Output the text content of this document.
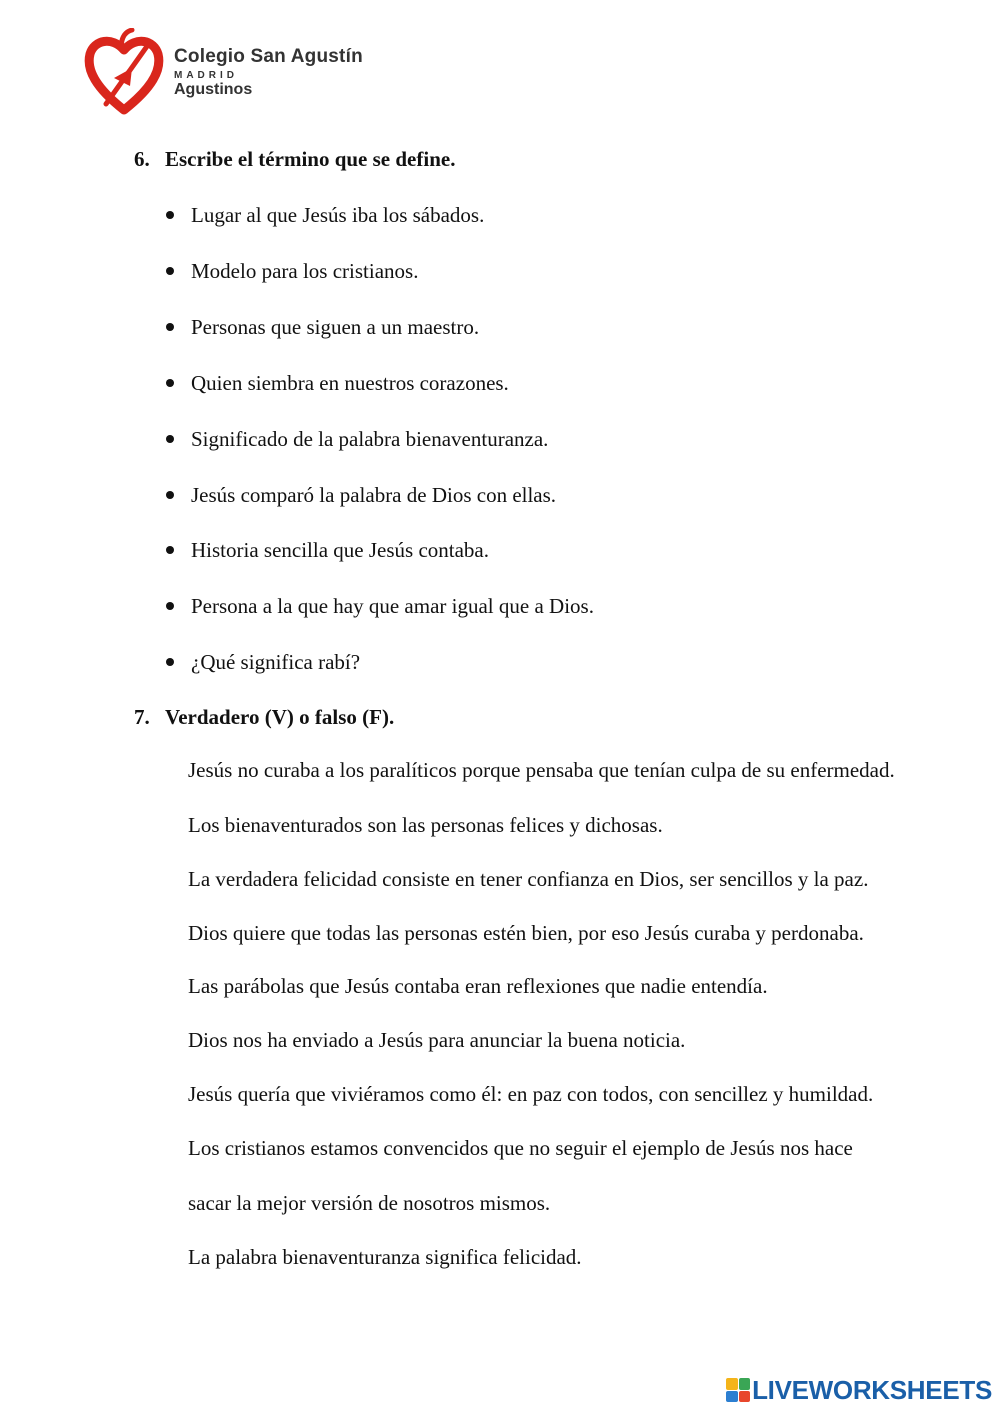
Colegio San Agustín
MADRID
Agustinos
6. Escribe el término que se define.
Lugar al que Jesús iba los sábados.
Modelo para los cristianos.
Personas que siguen a un maestro.
Quien siembra en nuestros corazones.
Significado de la palabra bienaventuranza.
Jesús comparó la palabra de Dios con ellas.
Historia sencilla que Jesús contaba.
Persona a la que hay que amar igual que a Dios.
¿Qué significa rabí?
7. Verdadero (V) o falso (F).
Jesús no curaba a los paralíticos porque pensaba que tenían culpa de su enfermedad.
Los bienaventurados son las personas felices y dichosas.
La verdadera felicidad consiste en tener confianza en Dios, ser sencillos y la paz.
Dios quiere que todas las personas estén bien, por eso Jesús curaba y perdonaba.
Las parábolas que Jesús contaba eran reflexiones que nadie entendía.
Dios nos ha enviado a Jesús para anunciar la buena noticia.
Jesús quería que viviéramos como él: en paz con todos, con sencillez y humildad.
Los cristianos estamos convencidos que no seguir el ejemplo de Jesús nos hace
sacar la mejor versión de nosotros mismos.
La palabra bienaventuranza significa felicidad.
LIVEWORKSHEETS
